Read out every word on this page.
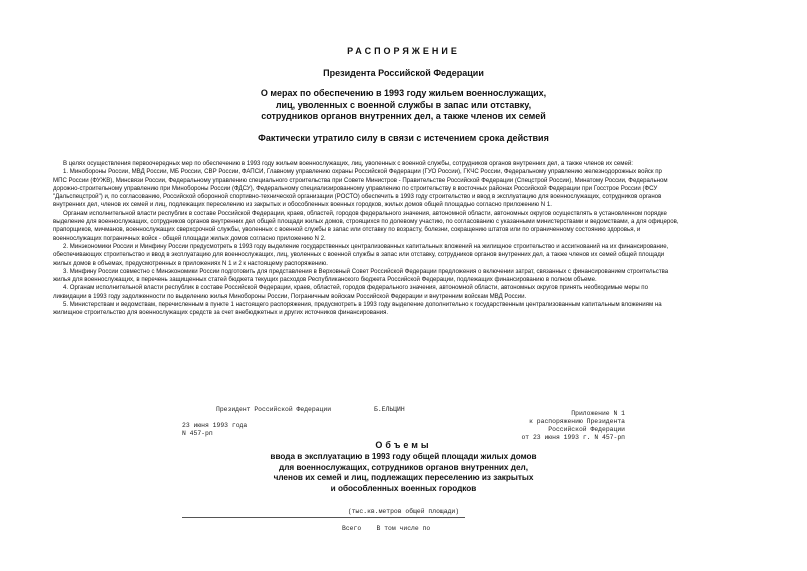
РАСПОРЯЖЕНИЕ
Президента Российской Федерации
О мерах по обеспечению в 1993 году жильем военнослужащих,
лиц, уволенных с военной службы в запас или отставку,
сотрудников органов внутренних дел, а также членов их семей
Фактически утратило силу в связи с истечением срока действия
В целях осуществления первоочередных мер по обеспечению в 1993 году жильем военнослужащих, лиц, уволенных с военной службы, сотрудников органов внутренних дел, а также членов их семей:
1. Минобороны России, МВД России, МБ России, СВР России, ФАПСИ, Главному управлению охраны Российской Федерации (ГУО России), ГКЧС России, Федеральному управлению железнодорожных войск пр
МПС России (ФУЖВ), Минсвязи России, Федеральному управлению специального строительства при Совете Министров - Правительстве Российской Федерации (Спецстрой России), Минатому России, Федеральном
дорожно-строительному управлению при Минобороны России (ФДСУ), Федеральному специализированному управлению по строительству в восточных районах Российской Федерации при Госстрое России (ФСУ
"Дальспецстрой") и, по согласованию, Российской оборонной спортивно-технической организации (РОСТО) обеспечить в 1993 году строительство и ввод в эксплуатацию для военнослужащих, сотрудников органов
внутренних дел, членов их семей и лиц, подлежащих переселению из закрытых и обособленных военных городков, жилых домов общей площадью согласно приложению N 1.
Органам исполнительной власти республик в составе Российской Федерации, краев, областей, городов федерального значения, автономной области, автономных округов осуществлять в установленном порядке
выделение для военнослужащих, сотрудников органов внутренних дел общей площади жилых домов, строящихся по долевому участию, по согласованию с указанными министерствами и ведомствами, а для офицеров,
прапорщиков, мичманов, военнослужащих сверхсрочной службы, уволенных с военной службы в запас или отставку по возрасту, болезни, сокращению штатов или по ограниченному состоянию здоровья, и
военнослужащих пограничных войск - общей площади жилых домов согласно приложению N 2.
2. Минэкономики России и Минфину России предусмотреть в 1993 году выделение государственных централизованных капитальных вложений на жилищное строительство и ассигнований на их финансирование,
обеспечивающих строительство и ввод в эксплуатацию для военнослужащих, лиц, уволенных с военной службы в запас или отставку, сотрудников органов внутренних дел, а также членов их семей общей площади
жилых домов в объемах, предусмотренных в приложениях N 1 и 2 к настоящему распоряжению.
3. Минфину России совместно с Минэкономики России подготовить для представления в Верховный Совет Российской Федерации предложения о включении затрат, связанных с финансированием строительства
жилья для военнослужащих, в перечень защищенных статей бюджета текущих расходов Республиканского бюджета Российской Федерации, подлежащих финансированию в полном объеме.
4. Органам исполнительной власти республик в составе Российской Федерации, краев, областей, городов федерального значения, автономной области, автономных округов принять необходимые меры по
ликвидации в 1993 году задолженности по выделению жилья Минобороны России, Пограничным войскам Российской Федерации и внутренним войскам МВД России.
5. Министерствам и ведомствам, перечисленным в пункте 1 настоящего распоряжения, предусмотреть в 1993 году выделение дополнительно к государственным централизованным капитальным вложениям на
жилищное строительство для военнослужащих средств за счет внебюджетных и других источников финансирования.
Президент Российской Федерации	Б.ЕЛЬЦИН
23 июня 1993 года
N 457-рп
Приложение N 1
к распоряжению Президента
Российской Федерации
от 23 июня 1993 г. N 457-рп
Объемы
ввода в эксплуатацию в 1993 году общей площади жилых домов
для военнослужащих, сотрудников органов внутренних дел,
членов их семей и лиц, подлежащих переселению из закрытых
и обособленных военных городков
(тыс.кв.метров общей площади)
Всего В том числе по
